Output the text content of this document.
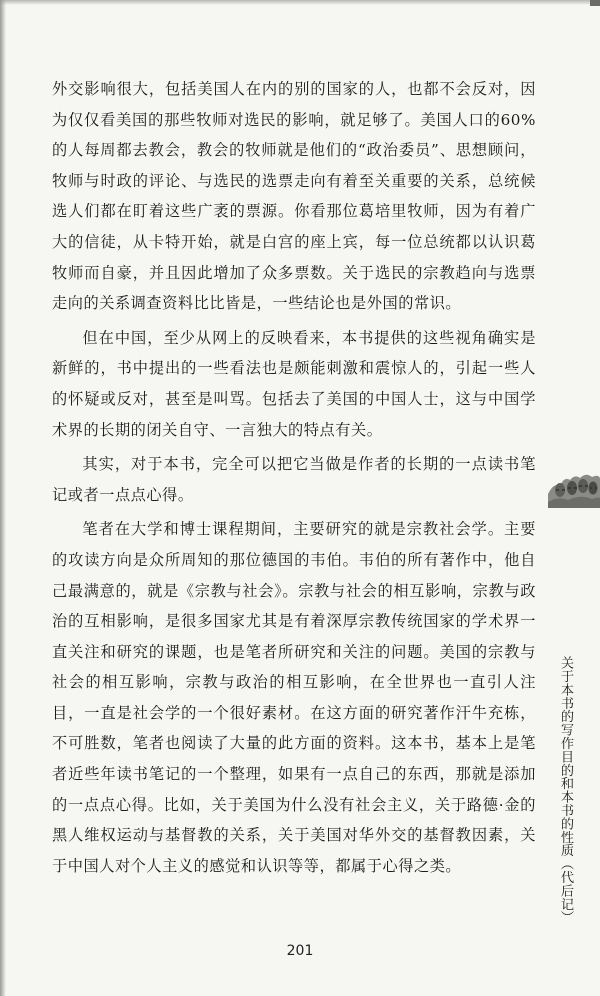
外交影响很大，包括美国人在内的别的国家的人，也都不会反对，因为仅仅看美国的那些牧师对选民的影响，就足够了。美国人口的60%的人每周都去教会，教会的牧师就是他们的“政治委员”、思想顾问，牧师与时政的评论、与选民的选票走向有着至关重要的关系，总统候选人们都在盯着这些广袤的票源。你看那位葛培里牧师，因为有着广大的信徒，从卡特开始，就是白宫的座上宾，每一位总统都以认识葛牧师而自豪，并且因此增加了众多票数。关于选民的宗教趋向与选票走向的关系调查资料比比皆是，一些结论也是外国的常识。

但在中国，至少从网上的反映看来，本书提供的这些视角确实是新鲜的，书中提出的一些看法也是颇能刺激和震惊人的，引起一些人的怀疑或反对，甚至是叫骂。包括去了美国的中国人士，这与中国学术界的长期的闭关自守、一言独大的特点有关。

其实，对于本书，完全可以把它当做是作者的长期的一点读书笔记或者一点点心得。

笔者在大学和博士课程期间，主要研究的就是宗教社会学。主要的攻读方向是众所周知的那位德国的韦伯。韦伯的所有著作中，他自己最满意的，就是《宗教与社会》。宗教与社会的相互影响，宗教与政治的互相影响，是很多国家尤其是有着深厚宗教传统国家的学术界一直关注和研究的课题，也是笔者所研究和关注的问题。美国的宗教与社会的相互影响，宗教与政治的相互影响，在全世界也一直引人注目，一直是社会学的一个很好素材。在这方面的研究著作汗牛充栋，不可胜数，笔者也阅读了大量的此方面的资料。这本书，基本上是笔者近些年读书笔记的一个整理，如果有一点自己的东西，那就是添加的一点点心得。比如，关于美国为什么没有社会主义，关于路德·金的黑人维权运动与基督教的关系，关于美国对华外交的基督教因素，关于中国人对个人主义的感觉和认识等等，都属于心得之类。	关于本书的写作目的和本书的性质（代后记）
201
